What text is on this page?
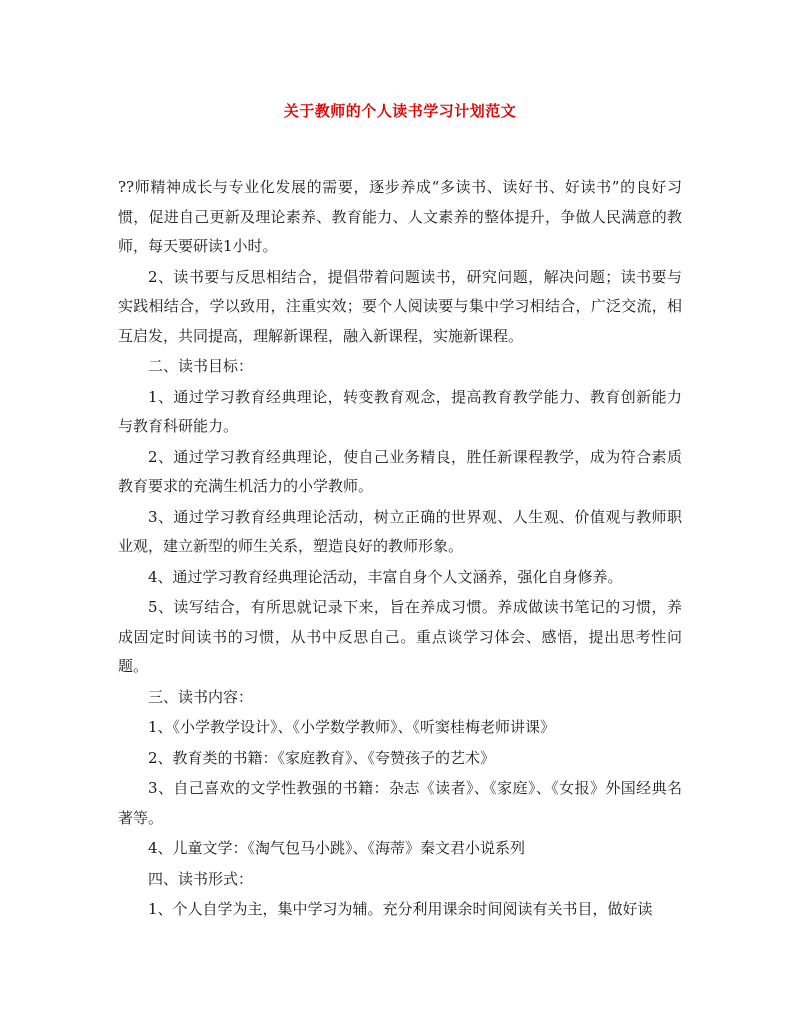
关于教师的个人读书学习计划范文

??师精神成长与专业化发展的需要，逐步养成“多读书、读好书、好读书”的良好习惯，促进自己更新及理论素养、教育能力、人文素养的整体提升，争做人民满意的教师，每天要研读1小时。

2、读书要与反思相结合，提倡带着问题读书，研究问题，解决问题；读书要与实践相结合，学以致用，注重实效；要个人阅读要与集中学习相结合，广泛交流，相互启发，共同提高，理解新课程，融入新课程，实施新课程。

二、读书目标：

1、通过学习教育经典理论，转变教育观念，提高教育教学能力、教育创新能力与教育科研能力。

2、通过学习教育经典理论，使自己业务精良，胜任新课程教学，成为符合素质教育要求的充满生机活力的小学教师。

3、通过学习教育经典理论活动，树立正确的世界观、人生观、价值观与教师职业观，建立新型的师生关系，塑造良好的教师形象。

4、通过学习教育经典理论活动，丰富自身个人文涵养，强化自身修养。

5、读写结合，有所思就记录下来，旨在养成习惯。养成做读书笔记的习惯，养成固定时间读书的习惯，从书中反思自己。重点谈学习体会、感悟，提出思考性问题。

三、读书内容：

1、《小学教学设计》、《小学数学教师》、《听窦桂梅老师讲课》

2、教育类的书籍：《家庭教育》、《夸赞孩子的艺术》

3、自己喜欢的文学性教强的书籍：杂志《读者》、《家庭》、《女报》外国经典名著等。

4、儿童文学：《淘气包马小跳》、《海蒂》秦文君小说系列

四、读书形式：

1、个人自学为主，集中学习为辅。充分利用课余时间阅读有关书目，做好读
